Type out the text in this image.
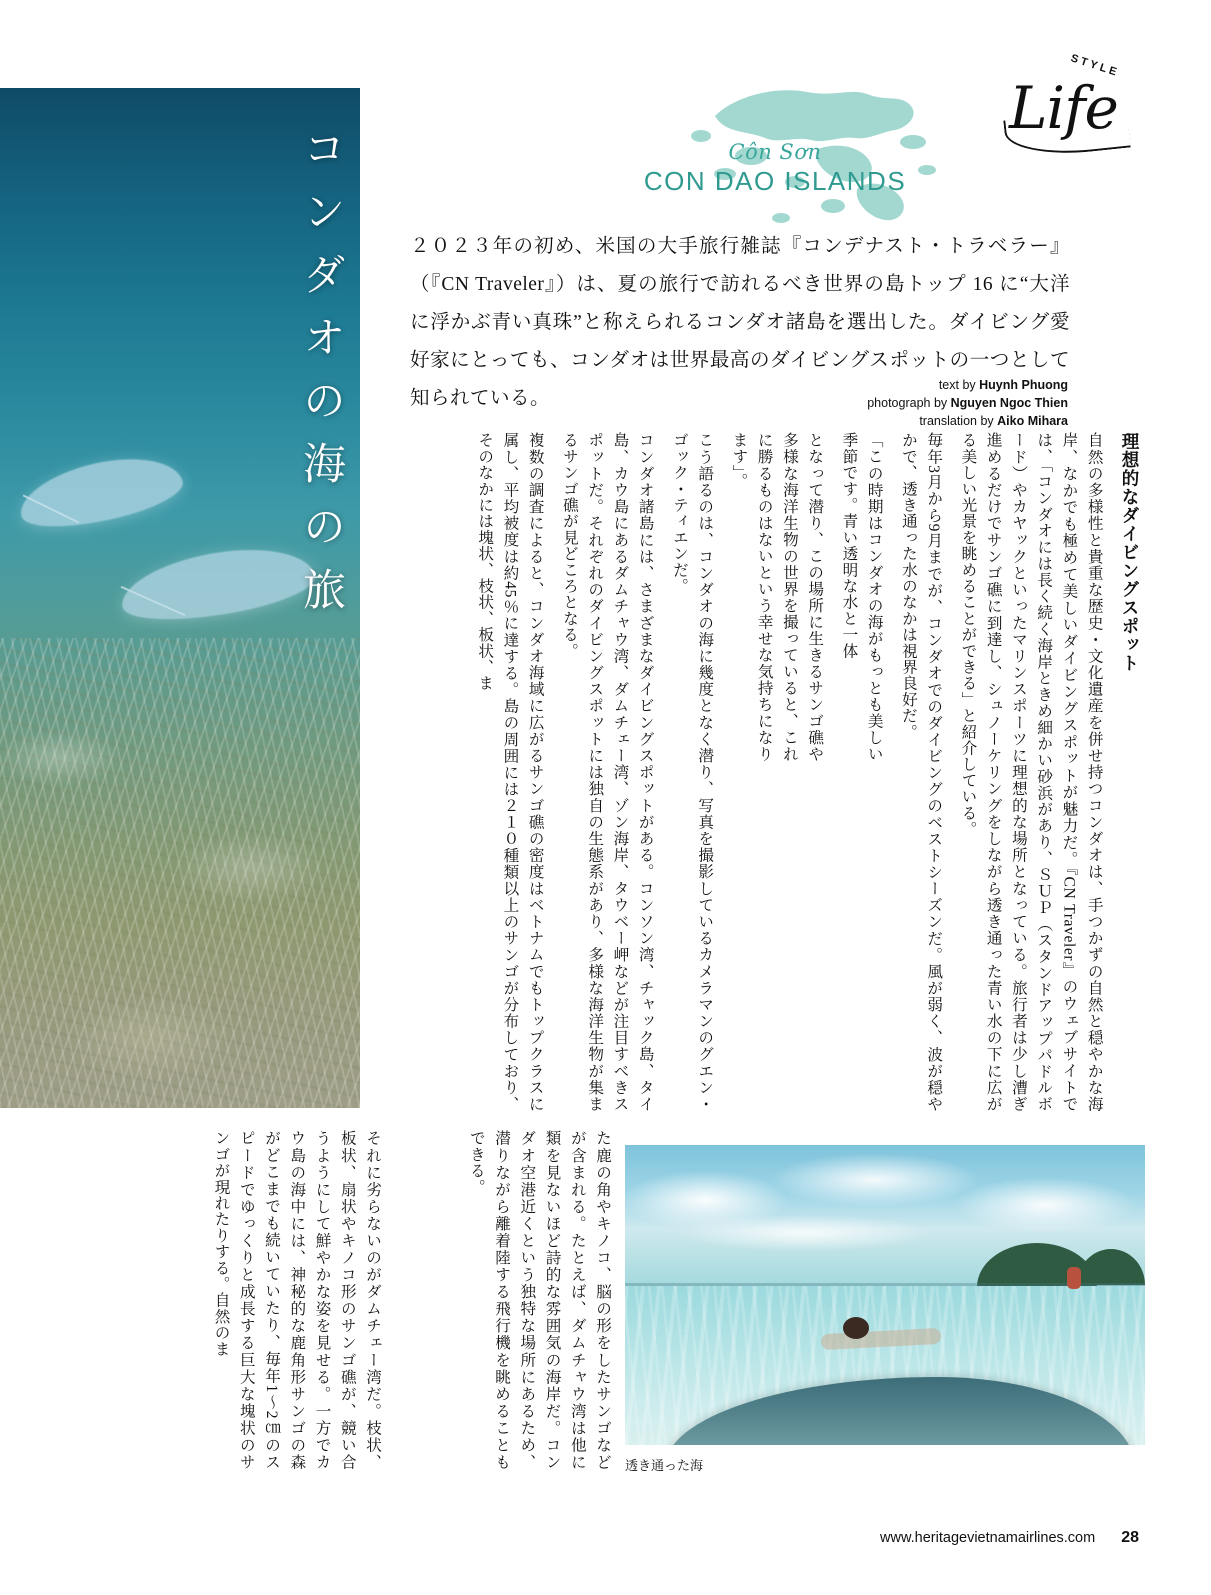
コンダオの海の旅
Life
STYLE
Côn Sơn
CON DAO ISLANDS
２０２３年の初め、米国の大手旅行雑誌『コンデナスト・トラベラー』（『CN Traveler』）は、夏の旅行で訪れるべき世界の島トップ 16 に“大洋に浮かぶ青い真珠”と称えられるコンダオ諸島を選出した。ダイビング愛好家にとっても、コンダオは世界最高のダイビングスポットの一つとして知られている。
text by Huynh Phuong
photograph by Nguyen Ngoc Thien
translation by Aiko Mihara
理想的なダイビングスポット
自然の多様性と貴重な歴史・文化遺産を併せ持つコンダオは、手つかずの自然と穏やかな海岸、なかでも極めて美しいダイビングスポットが魅力だ。『CN Traveler』のウェブサイトでは、「コンダオには長く続く海岸ときめ細かい砂浜があり、ＳＵＰ（スタンドアップパドルボード）やカヤックといったマリンスポーツに理想的な場所となっている。旅行者は少し漕ぎ進めるだけでサンゴ礁に到達し、シュノーケリングをしながら透き通った青い水の下に広がる美しい光景を眺めることができる」と紹介している。
毎年3月から9月までが、コンダオでのダイビングのベストシーズンだ。風が弱く、波が穏やかで、透き通った水のなかは視界良好だ。
「この時期はコンダオの海がもっとも美しい季節です。青い透明な水と一体
となって潜り、この場所に生きるサンゴ礁や多様な海洋生物の世界を撮っていると、これに勝るものはないという幸せな気持ちになります」。
こう語るのは、コンダオの海に幾度となく潜り、写真を撮影しているカメラマンのグエン・ゴック・ティエンだ。
コンダオ諸島には、さまざまなダイビングスポットがある。コンソン湾、チャック島、タイ島、カウ島にあるダムチャウ湾、ダムチェー湾、ゾン海岸、タウベー岬などが注目すべきスポットだ。それぞれのダイビングスポットには独自の生態系があり、多様な海洋生物が集まるサンゴ礁が見どころとなる。
複数の調査によると、コンダオ海域に広がるサンゴ礁の密度はベトナムでもトップクラスに属し、平均被度は約45％に達する。島の周囲には２１０種類以上のサンゴが分布しており、そのなかには塊状、枝状、板状、ま
た鹿の角やキノコ、脳の形をしたサンゴなどが含まれる。たとえば、ダムチャウ湾は他に類を見ないほど詩的な雰囲気の海岸だ。コンダオ空港近くという独特な場所にあるため、潜りながら離着陸する飛行機を眺めることもできる。
それに劣らないのがダムチェー湾だ。枝状、板状、扇状やキノコ形のサンゴ礁が、競い合うようにして鮮やかな姿を見せる。一方でカウ島の海中には、神秘的な鹿角形サンゴの森がどこまでも続いていたり、毎年1〜2㎝のスピードでゆっくりと成長する巨大な塊状のサンゴが現れたりする。自然のま
透き通った海
www.heritagevietnamairlines.com 28
